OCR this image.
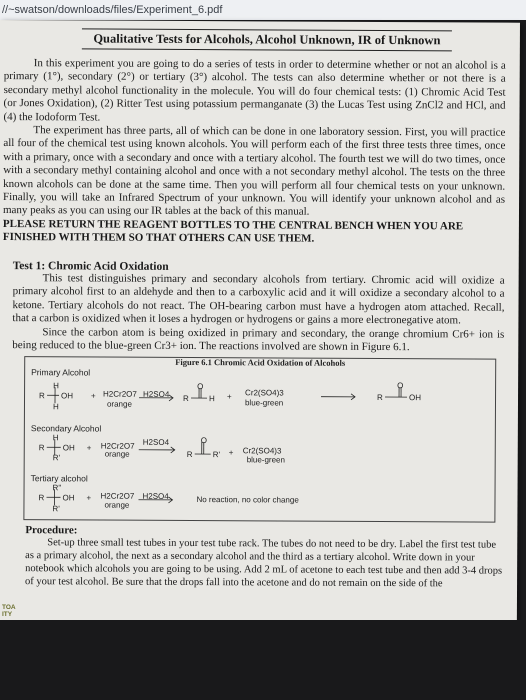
//~swatson/downloads/files/Experiment_6.pdf
Qualitative Tests for Alcohols, Alcohol Unknown, IR of Unknown
In this experiment you are going to do a series of tests in order to determine whether or not an alcohol is a primary (1°), secondary (2°) or tertiary (3°) alcohol. The tests can also determine whether or not there is a secondary methyl alcohol functionality in the molecule. You will do four chemical tests: (1) Chromic Acid Test (or Jones Oxidation), (2) Ritter Test using potassium permanganate (3) the Lucas Test using ZnCl2 and HCl, and (4) the Iodoform Test.
The experiment has three parts, all of which can be done in one laboratory session. First, you will practice all four of the chemical test using known alcohols. You will perform each of the first three tests three times, once with a primary, once with a secondary and once with a tertiary alcohol. The fourth test we will do two times, once with a secondary methyl containing alcohol and once with a not secondary methyl alcohol. The tests on the three known alcohols can be done at the same time. Then you will perform all four chemical tests on your unknown. Finally, you will take an Infrared Spectrum of your unknown. You will identify your unknown alcohol and as many peaks as you can using our IR tables at the back of this manual.
PLEASE RETURN THE REAGENT BOTTLES TO THE CENTRAL BENCH WHEN YOU ARE FINISHED WITH THEM SO THAT OTHERS CAN USE THEM.
Test 1: Chromic Acid Oxidation
This test distinguishes primary and secondary alcohols from tertiary. Chromic acid will oxidize a primary alcohol first to an aldehyde and then to a carboxylic acid and it will oxidize a secondary alcohol to a ketone. Tertiary alcohols do not react. The OH-bearing carbon must have a hydrogen atom attached. Recall, that a carbon is oxidized when it loses a hydrogen or hydrogens or gains a more electronegative atom.
Since the carbon atom is being oxidized in primary and secondary, the orange chromium Cr6+ ion is being reduced to the blue-green Cr3+ ion. The reactions involved are shown in Figure 6.1.
Figure 6.1 Chromic Acid Oxidation of Alcohols
Primary Alcohol
H
R OH
H
+ H2Cr2O7
orange
H2SO4
O
R	H + Cr2(SO4)3
blue-green
O
R	OH
Secondary Alcohol
H
R OH
R'
+ H2Cr2O7
orange
H2SO4	O
R	R' + Cr2(SO4)3
blue-green
Tertiary alcohol
R"
R OH
R'
+ H2Cr2O7
orange
H2SO4	No reaction, no color change
Procedure:
Set-up three small test tubes in your test tube rack. The tubes do not need to be dry. Label the first test tube as a primary alcohol, the next as a secondary alcohol and the third as a tertiary alcohol. Write down in your notebook which alcohols you are going to be using. Add 2 mL of acetone to each test tube and then add 3-4 drops of your test alcohol. Be sure that the drops fall into the acetone and do not remain on the side of the
TOA
ITY
